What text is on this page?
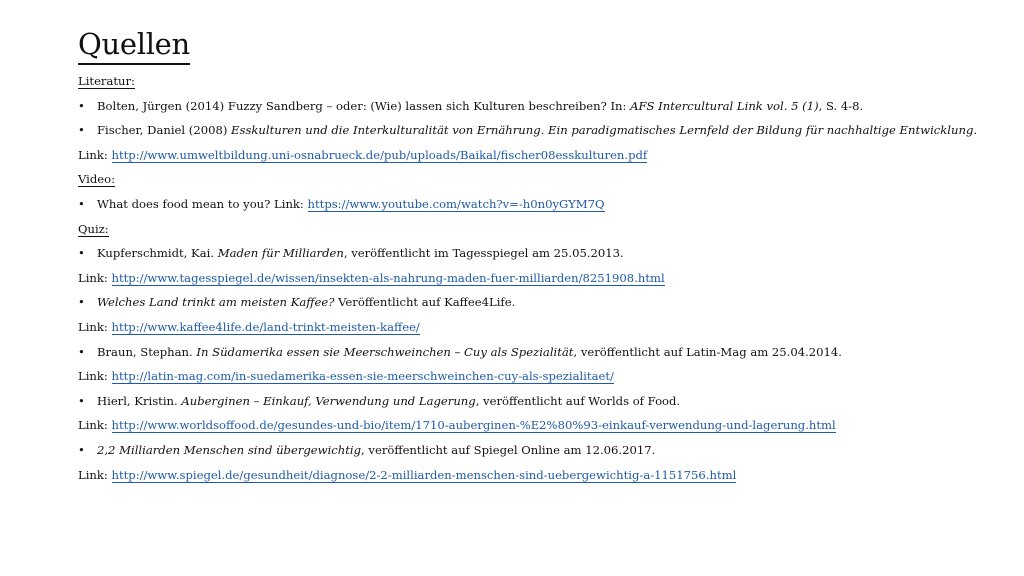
Quellen
Literatur:
• Bolten, Jürgen (2014) Fuzzy Sandberg – oder: (Wie) lassen sich Kulturen beschreiben? In: AFS Intercultural Link vol. 5 (1), S. 4-8.
• Fischer, Daniel (2008) Esskulturen und die Interkulturalität von Ernährung. Ein paradigmatisches Lernfeld der Bildung für nachhaltige Entwicklung.
Link: http://www.umweltbildung.uni-osnabrueck.de/pub/uploads/Baikal/fischer08esskulturen.pdf
Video:
• What does food mean to you? Link: https://www.youtube.com/watch?v=-h0n0yGYM7Q
Quiz:
• Kupferschmidt, Kai. Maden für Milliarden, veröffentlicht im Tagesspiegel am 25.05.2013.
Link: http://www.tagesspiegel.de/wissen/insekten-als-nahrung-maden-fuer-milliarden/8251908.html
• Welches Land trinkt am meisten Kaffee? Veröffentlicht auf Kaffee4Life.
Link: http://www.kaffee4life.de/land-trinkt-meisten-kaffee/
• Braun, Stephan. In Südamerika essen sie Meerschweinchen – Cuy als Spezialität, veröffentlicht auf Latin-Mag am 25.04.2014.
Link: http://latin-mag.com/in-suedamerika-essen-sie-meerschweinchen-cuy-als-spezialitaet/
• Hierl, Kristin. Auberginen – Einkauf, Verwendung und Lagerung, veröffentlicht auf Worlds of Food.
Link: http://www.worldsoffood.de/gesundes-und-bio/item/1710-auberginen-%E2%80%93-einkauf-verwendung-und-lagerung.html
• 2,2 Milliarden Menschen sind übergewichtig, veröffentlicht auf Spiegel Online am 12.06.2017.
Link: http://www.spiegel.de/gesundheit/diagnose/2-2-milliarden-menschen-sind-uebergewichtig-a-1151756.html
